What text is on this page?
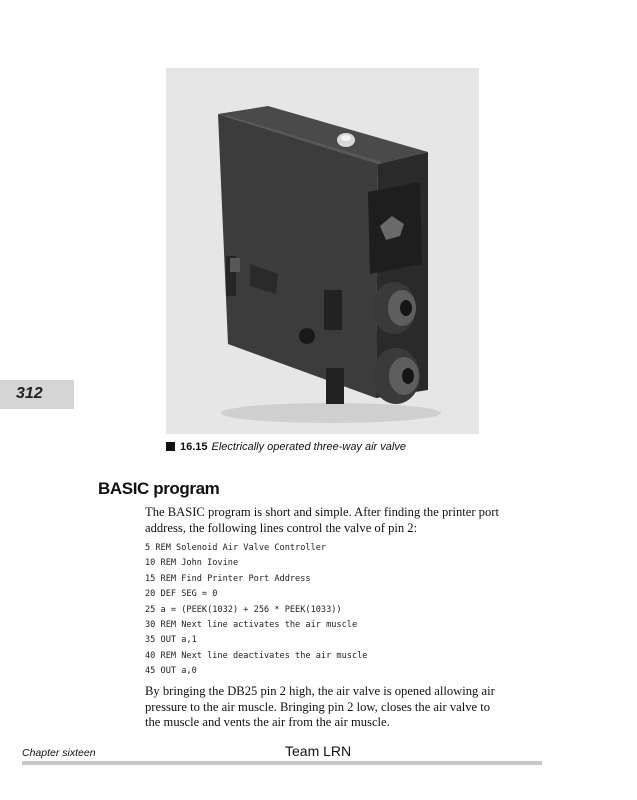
312
16.15 Electrically operated three-way air valve
BASIC program
The BASIC program is short and simple. After finding the printer port address, the following lines control the valve of pin 2:
5 REM Solenoid Air Valve Controller
10 REM John Iovine
15 REM Find Printer Port Address
20 DEF SEG = 0
25 a = (PEEK(1032) + 256 * PEEK(1033))
30 REM Next line activates the air muscle
35 OUT a,1
40 REM Next line deactivates the air muscle
45 OUT a,0
By bringing the DB25 pin 2 high, the air valve is opened allowing air pressure to the air muscle. Bringing pin 2 low, closes the air valve to the muscle and vents the air from the air muscle.
Chapter sixteen	Team LRN
